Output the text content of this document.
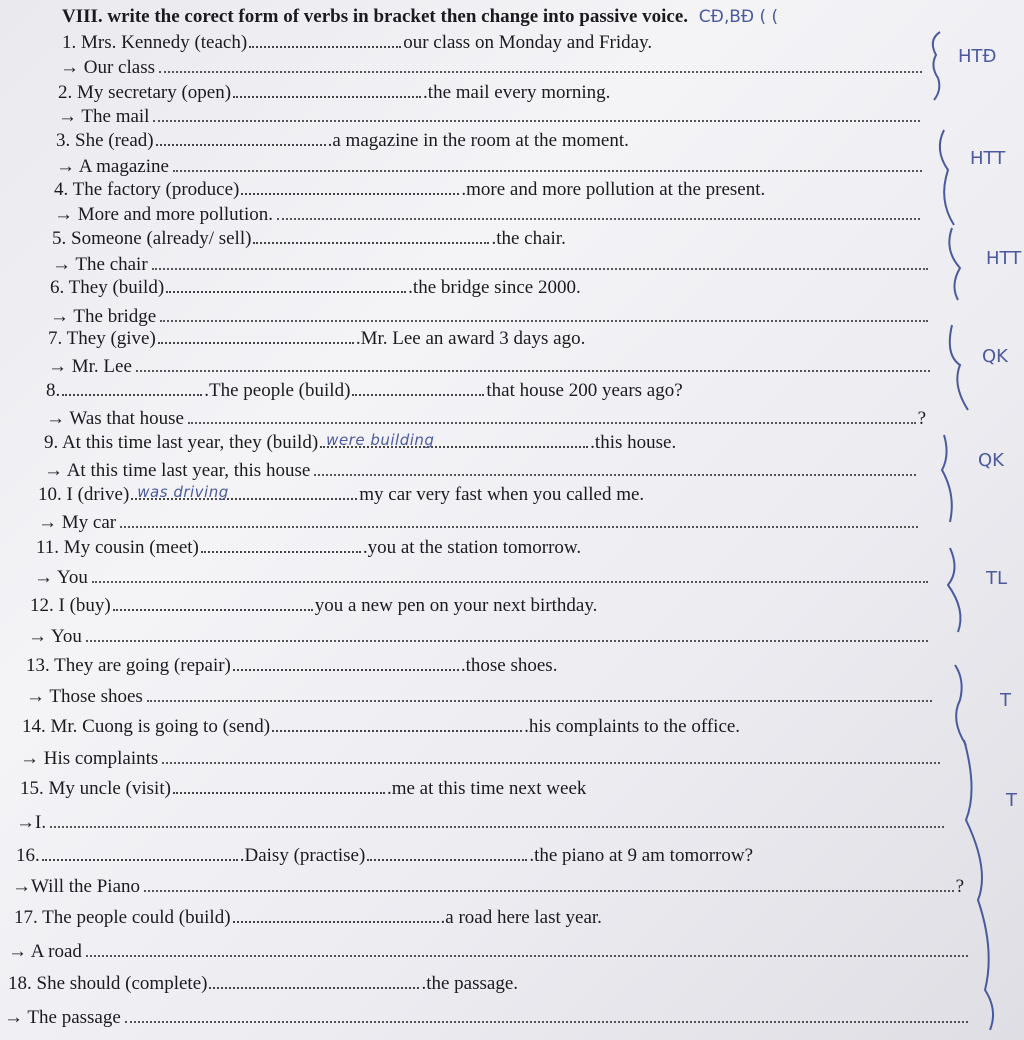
VIII. write the corect form of verbs in bracket then change into passive voice. CĐ‚BĐ ( (
1. Mrs. Kennedy (teach)	our class on Monday and Friday.
→ Our class
2. My secretary (open)	.the mail every morning.
→ The mail
3. She (read)	.a magazine in the room at the moment.
→ A magazine
4. The factory (produce)	.more and more pollution at the present.
→ More and more pollution.
5. Someone (already/ sell)	.the chair.
→ The chair
6. They (build)	.the bridge since 2000.
→ The bridge
7. They (give)	.Mr. Lee an award 3 days ago.
→ Mr. Lee
8.	.The people (build)	that house 200 years ago?
→ Was that house	?
9. At this time last year, they (build) were building	.this house.
→ At this time last year, this house
10. I (drive) was driving	my car very fast when you called me.
→ My car
11. My cousin (meet)	.you at the station tomorrow.
→ You
12. I (buy)	you a new pen on your next birthday.
→ You
13. They are going (repair)	.those shoes.
→ Those shoes
14. Mr. Cuong is going to (send)	.his complaints to the office.
→ His complaints
15. My uncle (visit)	.me at this time next week
→I.
16.	.Daisy (practise)	.the piano at 9 am tomorrow?
→Will the Piano	?
17. The people could (build)	.a road here last year.
→ A road
18. She should (complete)	.the passage.
→ The passage
HTĐ
HTT
HTT
QK
QK
TL
T
T
